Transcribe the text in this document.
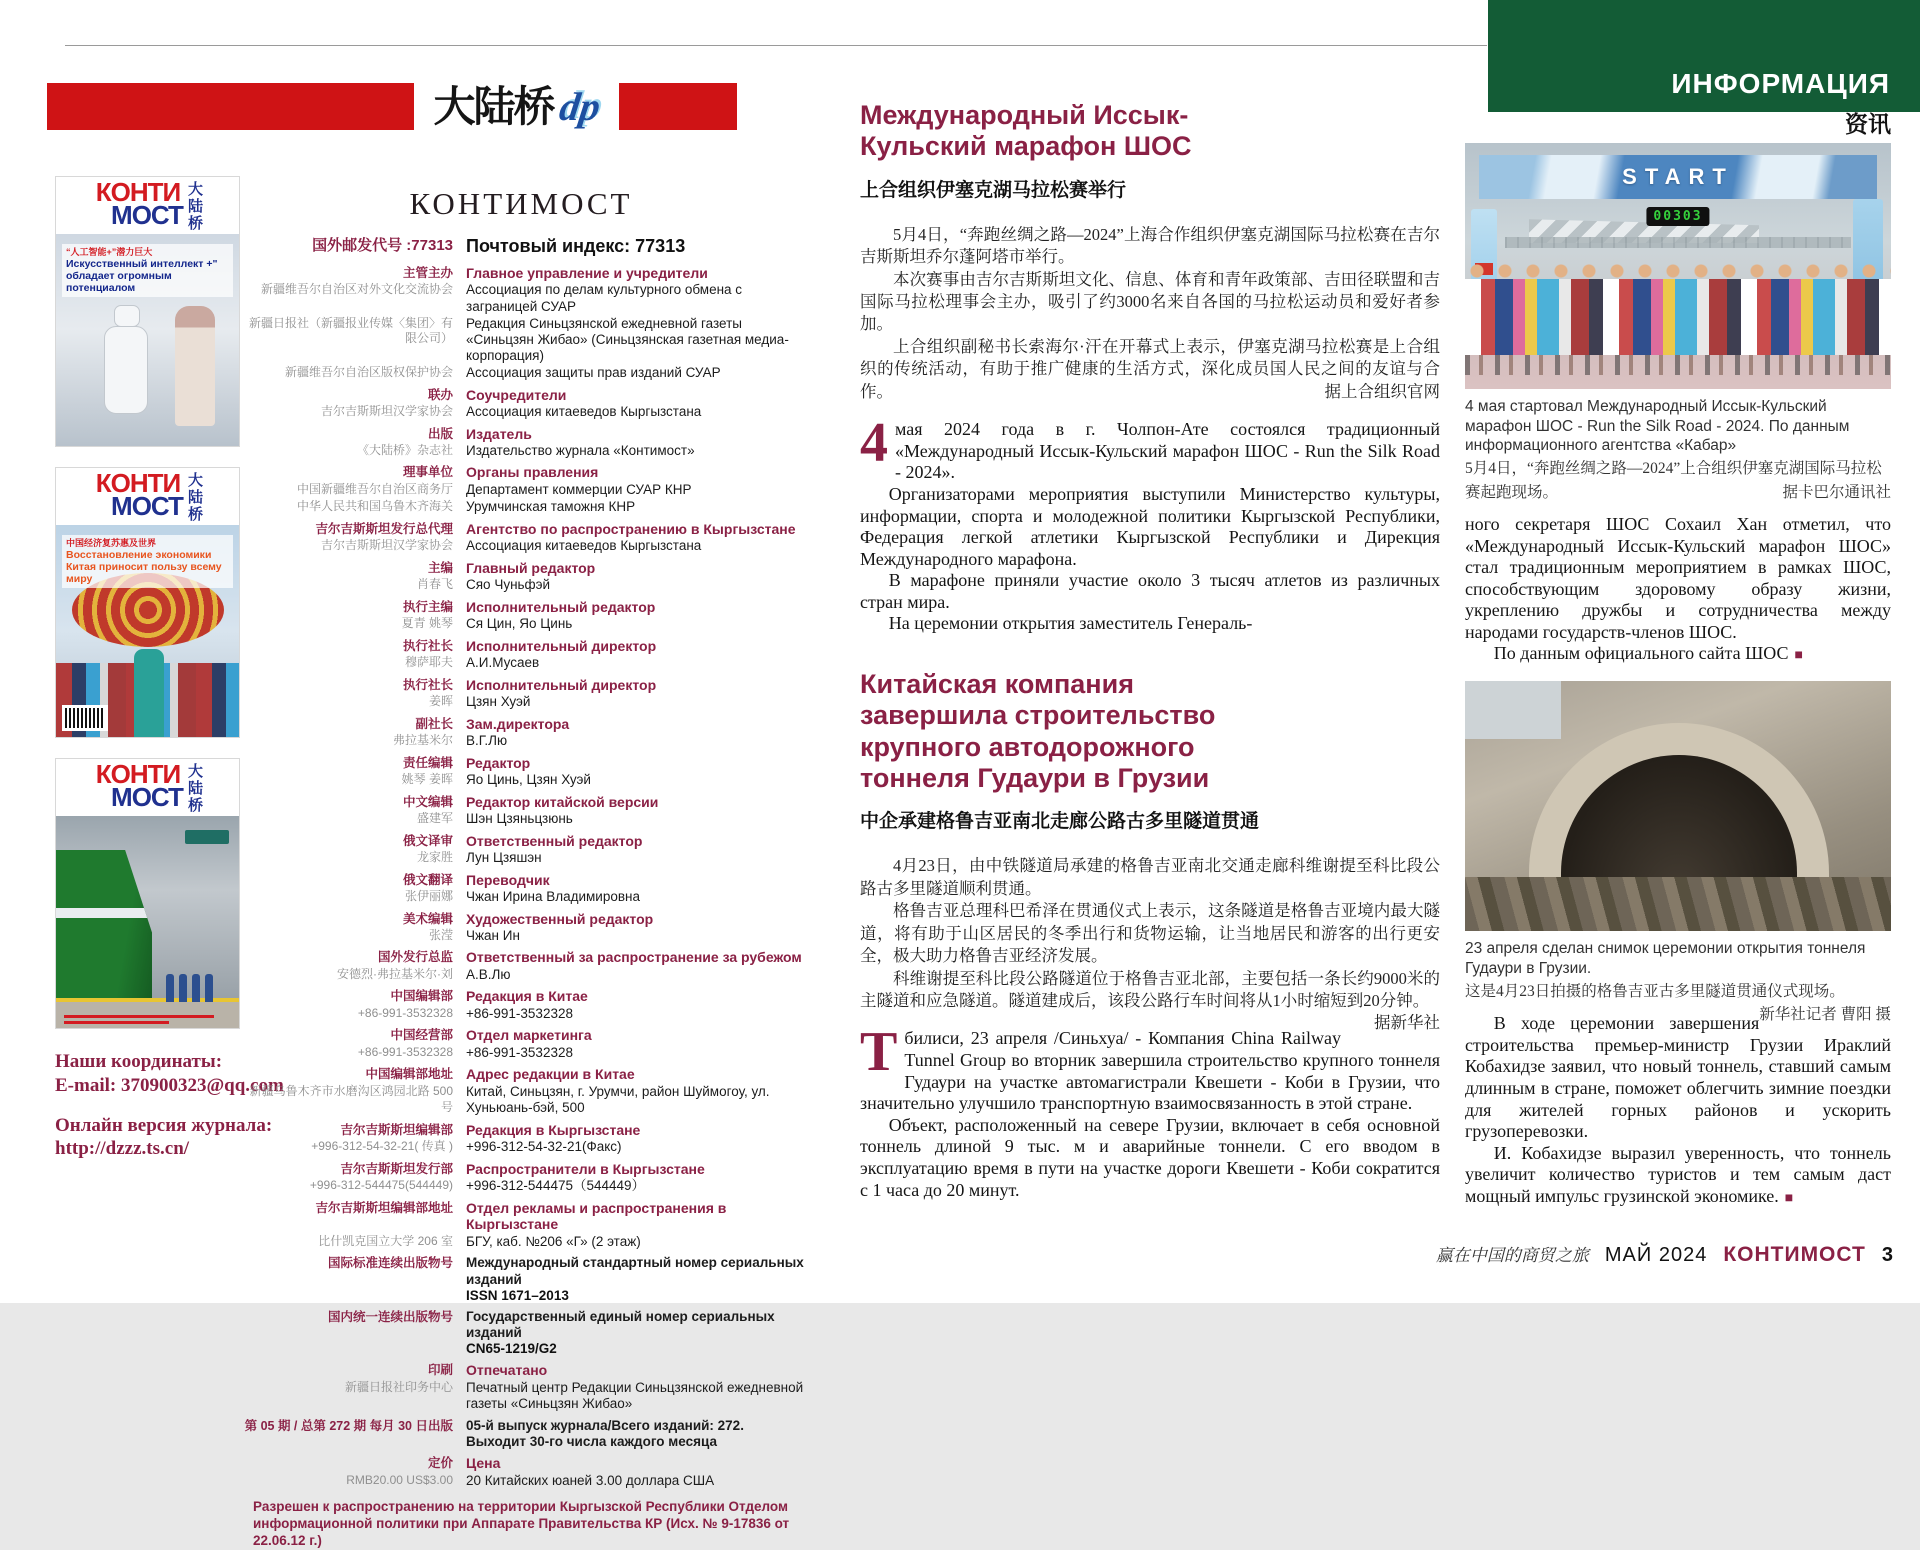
ИНФОРМАЦИЯ
大陆桥 dp
КОНТИ
МОСТ 大陆桥
“人工智能+”潜力巨大
Искусственный интеллект +" обладает огромным потенциалом
КОНТИ
МОСТ 大陆桥
中国经济复苏惠及世界
Восстановление экономики Китая приносит пользу всему миру
КОНТИ
МОСТ 大陆桥
Наши координаты:
E-mail: 370900323@qq.com
Онлайн версия журнала:
http://dzzz.ts.cn/
КОНТИМОСТ
国外邮发代号 :77313 Почтовый индекс: 77313
主管主办 Главное управление и учредители
新疆维吾尔自治区对外文化交流协会 Ассоциация по делам культурного обмена с заграницей СУАР
新疆日报社（新疆报业传媒〈集团〉有限公司）
Редакция Синьцзянской ежедневной газеты «Синьцзян Жибао» (Синьцзянская газетная медиа-корпорация)
新疆维吾尔自治区版权保护协会 Ассоциация защиты прав изданий СУАР
联办 Соучредители
吉尔吉斯斯坦汉学家协会 Ассоциация китаеведов Кыргызстана
出版 Издатель
《大陆桥》杂志社 Издательство журнала «Контимост»
理事单位 Органы правления
中国新疆维吾尔自治区商务厅 Департамент коммерции СУАР КНР
中华人民共和国乌鲁木齐海关 Урумчинская таможня КНР
吉尔吉斯斯坦发行总代理 Агентство по распространению в Кыргызстане
吉尔吉斯斯坦汉学家协会 Ассоциация китаеведов Кыргызстана
主编 Главный редактор
肖春飞 Сяо Чуньфэй
执行主编 Исполнительный редактор
夏青 姚琴 Ся Цин, Яо Цинь
执行社长 Исполнительный директор
穆萨耶夫 А.И.Мусаев
执行社长 Исполнительный директор
姜晖 Цзян Хуэй
副社长 Зам.директора
弗拉基米尔 В.Г.Лю
责任编辑 Редактор
姚琴 姜晖 Яо Цинь, Цзян Хуэй
中文编辑 Редактор китайской версии
盛建军 Шэн Цзяньцзюнь
俄文译审 Ответственный редактор
龙家胜 Лун Цзяшэн
俄文翻译 Переводчик
张伊丽娜 Чжан Ирина Владимировна
美术编辑 Художественный редактор
张滢 Чжан Ин
国外发行总监 Ответственный за распространение за рубежом
安德烈·弗拉基米尔·刘 А.В.Лю
中国编辑部 Редакция в Китае
+86-991-3532328 +86-991-3532328
中国经营部 Отдел маркетинга
+86-991-3532328 +86-991-3532328
中国编辑部地址 Адрес редакции в Китае
新疆乌鲁木齐市水磨沟区鸿园北路 500 号
Китай, Синьцзян, г. Урумчи, район Шуймогоу, ул. Хуньюань-бэй, 500
吉尔吉斯斯坦编辑部 Редакция в Кыргызстане
+996-312-54-32-21( 传真 ) +996-312-54-32-21(Факс)
吉尔吉斯斯坦发行部 Распространители в Кыргызстане
+996-312-544475(544449) +996-312-544475（544449）
吉尔吉斯斯坦编辑部地址 Отдел рекламы и распространения в Кыргызстане
比什凯克国立大学 206 室 БГУ, каб. №206 «Г» (2 этаж)
国际标准连续出版物号 Международный стандартный номер сериальных изданий
ISSN 1671–2013
国内统一连续出版物号 Государственный единый номер сериальных изданий
CN65-1219/G2
印刷 Отпечатано
新疆日报社印务中心 Печатный центр Редакции Синьцзянской ежедневной газеты «Синьцзян Жибао»
第 05 期 / 总第 272 期 每月 30 日出版 05-й выпуск журнала/Всего изданий: 272. Выходит 30-го числа каждого месяца
定价 Цена
RMB20.00 US$3.00 20 Китайских юаней 3.00 доллара США
Разрешен к распространению на территории Кыргызской Республики Отделом информационной политики при Аппарате Правительства КР (Исх. № 9-17836 от 22.06.12 г.)
Международный Иссык-Кульский марафон ШОС
上合组织伊塞克湖马拉松赛举行

5月4日，“奔跑丝绸之路—2024”上海合作组织伊塞克湖国际马拉松赛在吉尔吉斯斯坦乔尔蓬阿塔市举行。

本次赛事由吉尔吉斯斯坦文化、信息、体育和青年政策部、吉田径联盟和吉国际马拉松理事会主办，吸引了约3000名来自各国的马拉松运动员和爱好者参加。

上合组织副秘书长索海尔·汗在开幕式上表示，伊塞克湖马拉松赛是上合组织的传统活动，有助于推广健康的生活方式，深化成员国人民之间的友谊与合作。	据上合组织官网

4 мая 2024 года в г. Чолпон-Ате состоялся традиционный «Международный Иссык-Кульский марафон ШОС - Run the Silk Road - 2024».

Организаторами мероприятия выступили Министерство культуры, информации, спорта и молодежной политики Кыргызской Республики, Федерация легкой атлетики Кыргызской Республики и Дирекция Международного марафона.

В марафоне приняли участие около 3 тысяч атлетов из различных стран мира.

На церемонии открытия заместитель Генераль-

Китайская компания завершила строительство крупного автодорожного тоннеля Гудаури в Грузии
中企承建格鲁吉亚南北走廊公路古多里隧道贯通

4月23日，由中铁隧道局承建的格鲁吉亚南北交通走廊科维谢提至科比段公路古多里隧道顺利贯通。

格鲁吉亚总理科巴希泽在贯通仪式上表示，这条隧道是格鲁吉亚境内最大隧道，将有助于山区居民的冬季出行和货物运输，让当地居民和游客的出行更安全，极大助力格鲁吉亚经济发展。

科维谢提至科比段公路隧道位于格鲁吉亚北部，主要包括一条长约9000米的主隧道和应急隧道。隧道建成后，该段公路行车时间将从1小时缩短到20分钟。
据新华社

Тбилиси, 23 апреля /Синьхуа/ - Компания China Railway Tunnel Group во вторник завершила строительство крупного тоннеля Гудаури на участке автомагистрали Квешети - Коби в Грузии, что значительно улучшило транспортную взаимосвязанность в этой стране.

Объект, расположенный на севере Грузии, включает в себя основной тоннель длиной 9 тыс. м и аварийные тоннели. С его вводом в эксплуатацию время в пути на участке дороги Квешети - Коби сократится с 1 часа до 20 минут.

资讯
START
00303
4 мая стартовал Международный Иссык-Кульский марафон ШОС - Run the Silk Road - 2024. По данным информационного агентства «Кабар»
5月4日，“奔跑丝绸之路—2024”上合组织伊塞克湖国际马拉松赛起跑现场。	据卡巴尔通讯社

ного секретаря ШОС Сохаил Хан отметил, что «Международный Иссык-Кульский марафон ШОС» стал традиционным мероприятием в рамках ШОС, способствующим здоровому образу жизни, укреплению дружбы и сотрудничества между народами государств-членов ШОС.

По данным официального сайта ШОС ■

23 апреля сделан снимок церемонии открытия тоннеля Гудаури в Грузии.
这是4月23日拍摄的格鲁吉亚古多里隧道贯通仪式现场。
新华社记者 曹阳 摄

В ходе церемонии завершения строительства премьер-министр Грузии Ираклий Кобахидзе заявил, что новый тоннель, ставший самым длинным в стране, поможет облегчить зимние поездки для жителей горных районов и ускорить грузоперевозки.

И. Кобахидзе выразил уверенность, что тоннель увеличит количество туристов и тем самым даст мощный импульс грузинской экономике. ■

赢在中国的商贸之旅 МАЙ 2024 КОНТИМОСТ 3
